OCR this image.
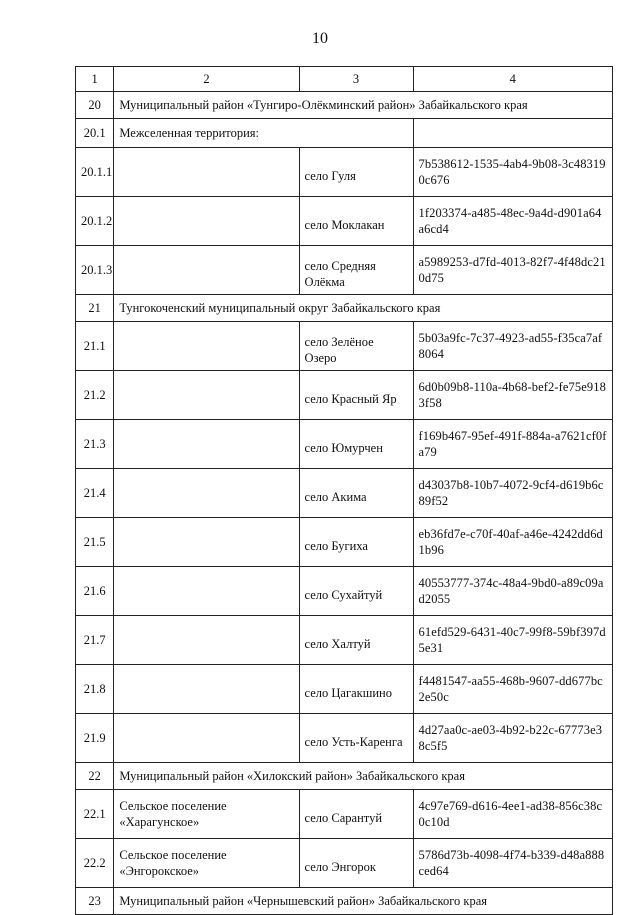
10
1	2	3	4
20	Муниципальный район «Тунгиро-Олёкминский район» Забайкальского края		
20.1	Межселенная территория:		
20.1.1		село Гуля	7b538612-1535-4ab4-9b08-3c483190c676
20.1.2		село Моклакан	1f203374-a485-48ec-9a4d-d901a64a6cd4
20.1.3		село Средняя Олёкма	a5989253-d7fd-4013-82f7-4f48dc210d75
21	Тунгокоченский муниципальный округ Забайкальского края		
21.1		село Зелёное Озеро	5b03a9fc-7c37-4923-ad55-f35ca7af8064
21.2		село Красный Яр	6d0b09b8-110a-4b68-bef2-fe75e9183f58
21.3		село Юмурчен	f169b467-95ef-491f-884a-a7621cf0fa79
21.4		село Акима	d43037b8-10b7-4072-9cf4-d619b6c89f52
21.5		село Бугиха	eb36fd7e-c70f-40af-a46e-4242dd6d1b96
21.6		село Сухайтуй	40553777-374c-48a4-9bd0-a89c09ad2055
21.7		село Халтуй	61efd529-6431-40c7-99f8-59bf397d5e31
21.8		село Цагакшино	f4481547-aa55-468b-9607-dd677bc2e50c
21.9		село Усть-Каренга	4d27aa0c-ae03-4b92-b22c-67773e38c5f5
22	Муниципальный район «Хилокский район» Забайкальского края		
22.1	Сельское поселение «Харагунское»	село Сарантуй	4c97e769-d616-4ee1-ad38-856c38c0c10d
22.2	Сельское поселение «Энгорокское»	село Энгорок	5786d73b-4098-4f74-b339-d48a888ced64
23	Муниципальный район «Чернышевский район» Забайкальского края		
